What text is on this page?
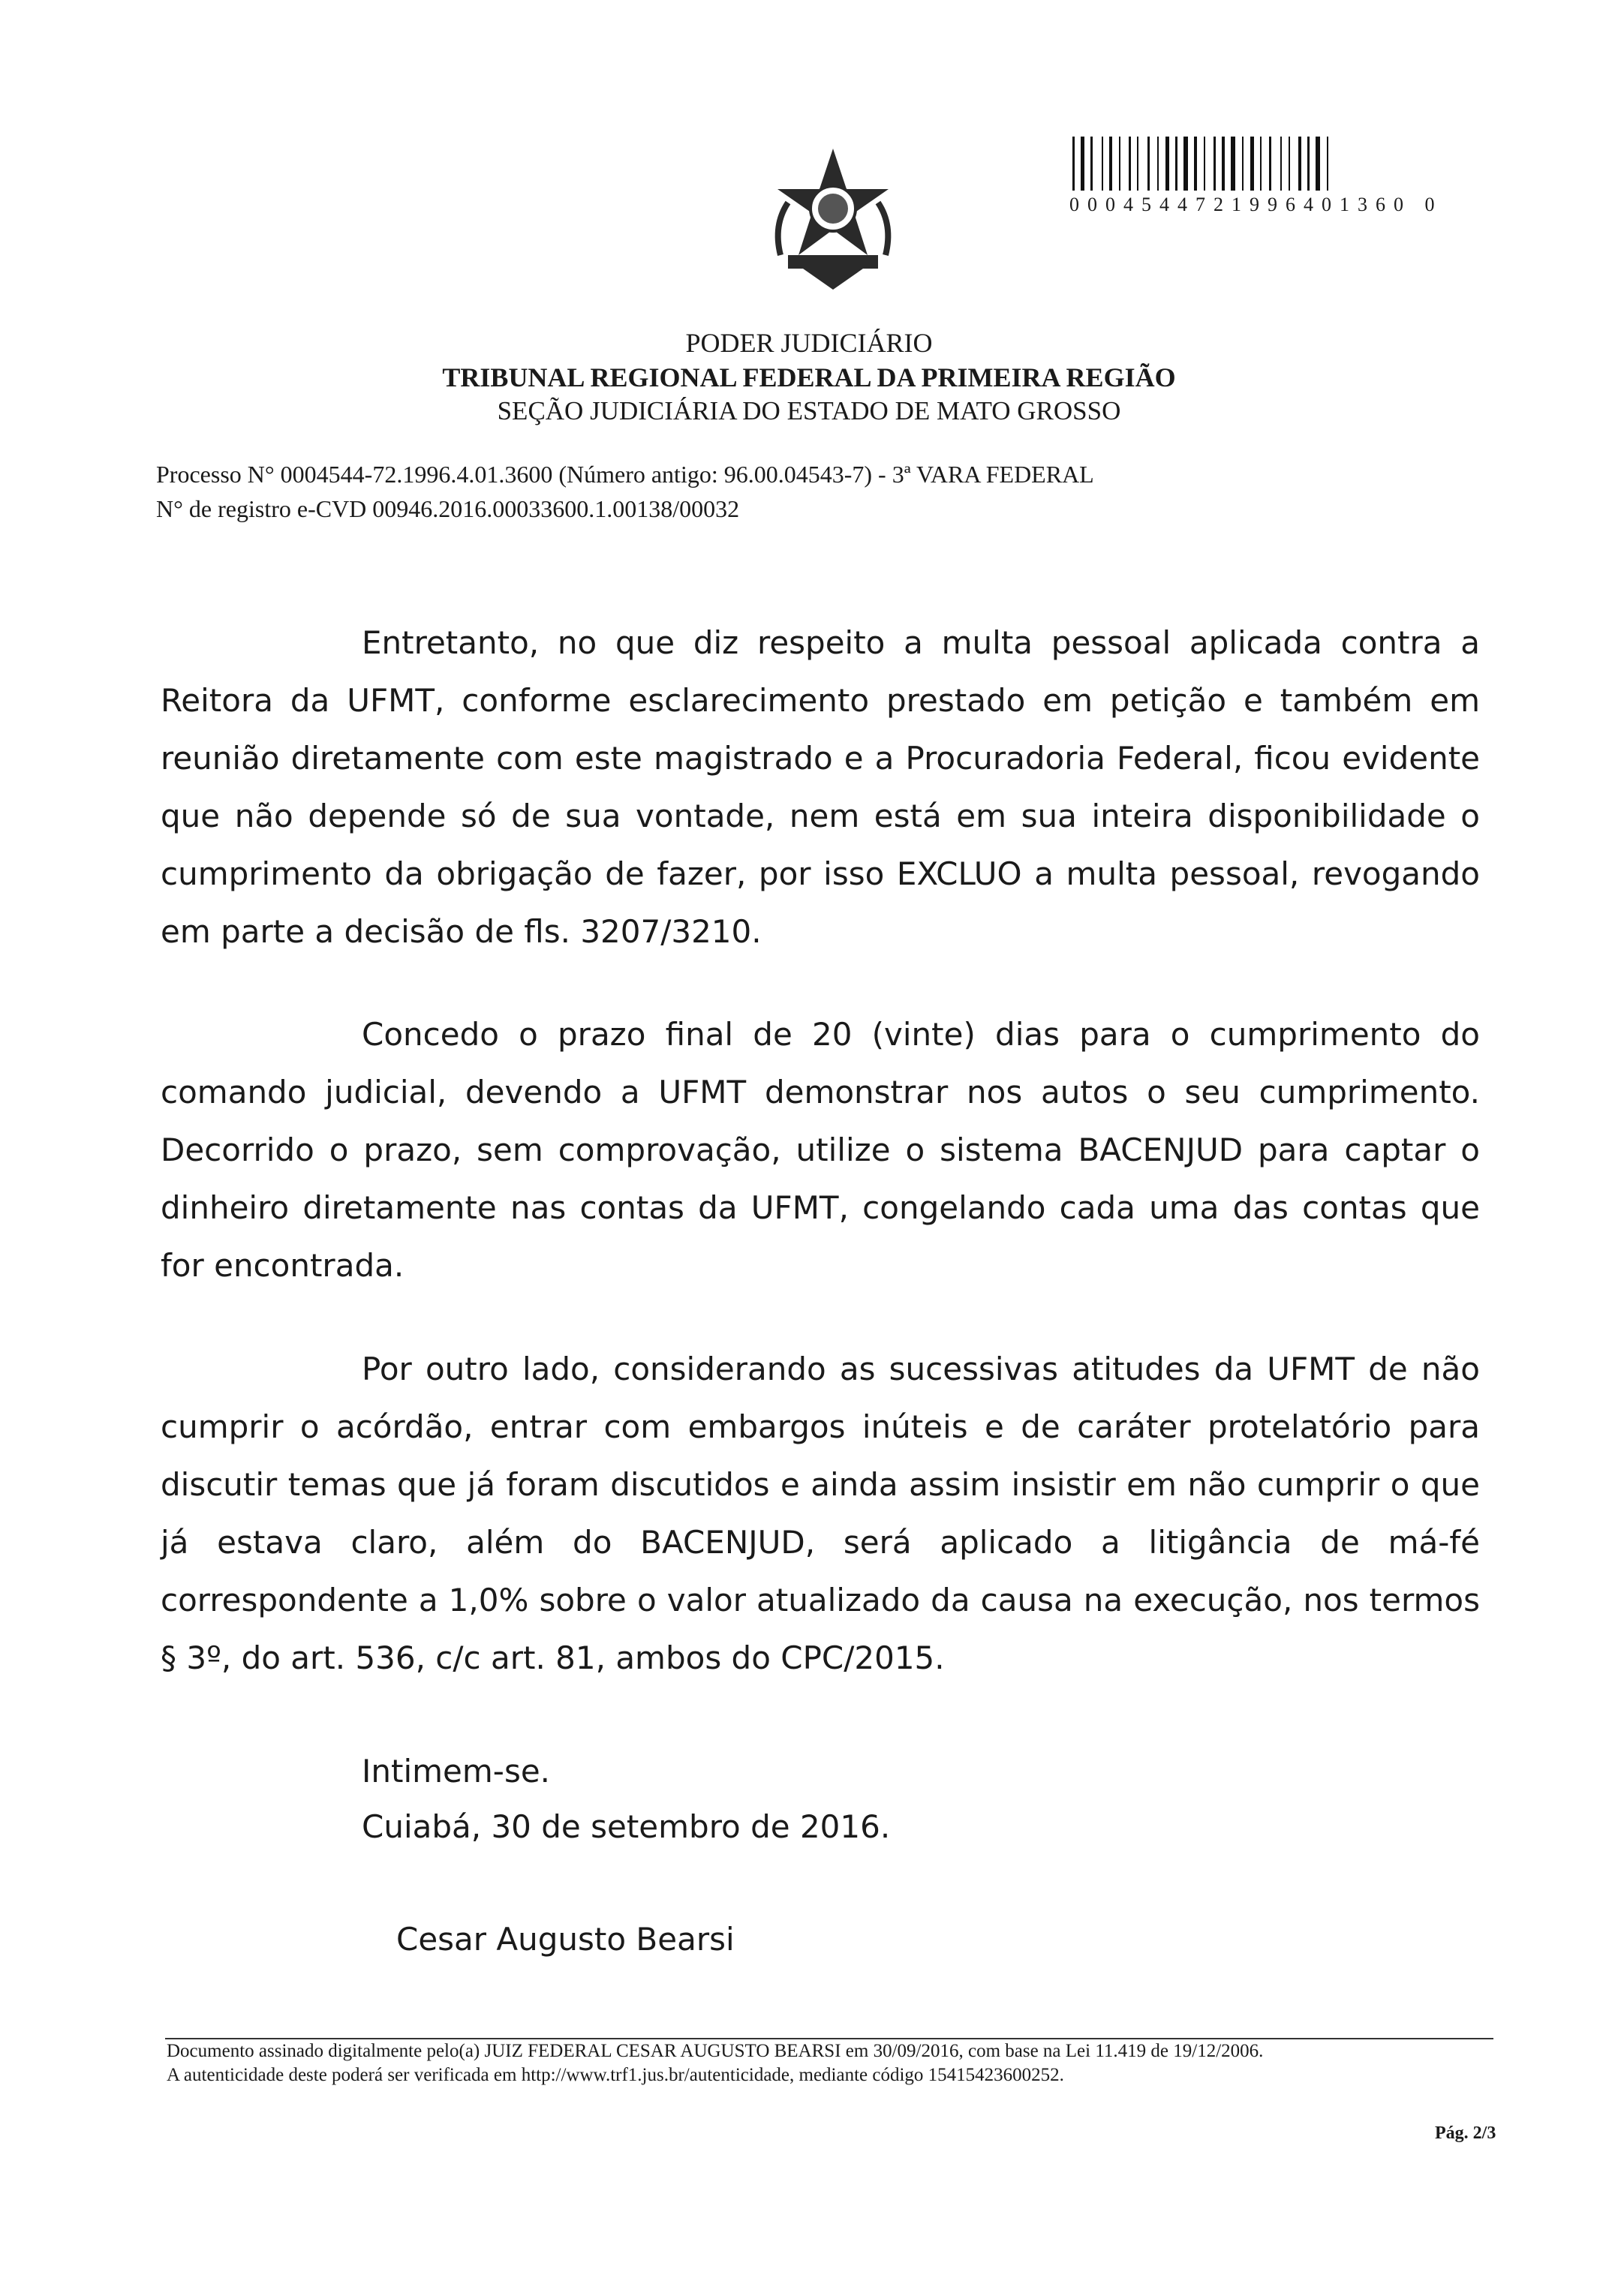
0004544721996401360 0
PODER JUDICIÁRIO
TRIBUNAL REGIONAL FEDERAL DA PRIMEIRA REGIÃO
SEÇÃO JUDICIÁRIA DO ESTADO DE MATO GROSSO
Processo N° 0004544-72.1996.4.01.3600 (Número antigo: 96.00.04543-7) - 3ª VARA FEDERAL
N° de registro e-CVD 00946.2016.00033600.1.00138/00032
Entretanto, no que diz respeito a multa pessoal aplicada contra a Reitora da UFMT, conforme esclarecimento prestado em petição e também em reunião diretamente com este magistrado e a Procuradoria Federal, ficou evidente que não depende só de sua vontade, nem está em sua inteira disponibilidade o cumprimento da obrigação de fazer, por isso EXCLUO a multa pessoal, revogando em parte a decisão de fls. 3207/3210.
Concedo o prazo final de 20 (vinte) dias para o cumprimento do comando judicial, devendo a UFMT demonstrar nos autos o seu cumprimento. Decorrido o prazo, sem comprovação, utilize o sistema BACENJUD para captar o dinheiro diretamente nas contas da UFMT, congelando cada uma das contas que for encontrada.
Por outro lado, considerando as sucessivas atitudes da UFMT de não cumprir o acórdão, entrar com embargos inúteis e de caráter protelatório para discutir temas que já foram discutidos e ainda assim insistir em não cumprir o que já estava claro, além do BACENJUD, será aplicado a litigância de má-fé correspondente a 1,0% sobre o valor atualizado da causa na execução, nos termos § 3º, do art. 536, c/c art. 81, ambos do CPC/2015.
Intimem-se.
Cuiabá, 30 de setembro de 2016.
Cesar Augusto Bearsi
Documento assinado digitalmente pelo(a) JUIZ FEDERAL CESAR AUGUSTO BEARSI em 30/09/2016, com base na Lei 11.419 de 19/12/2006.
A autenticidade deste poderá ser verificada em http://www.trf1.jus.br/autenticidade, mediante código 15415423600252.
Pág. 2/3
